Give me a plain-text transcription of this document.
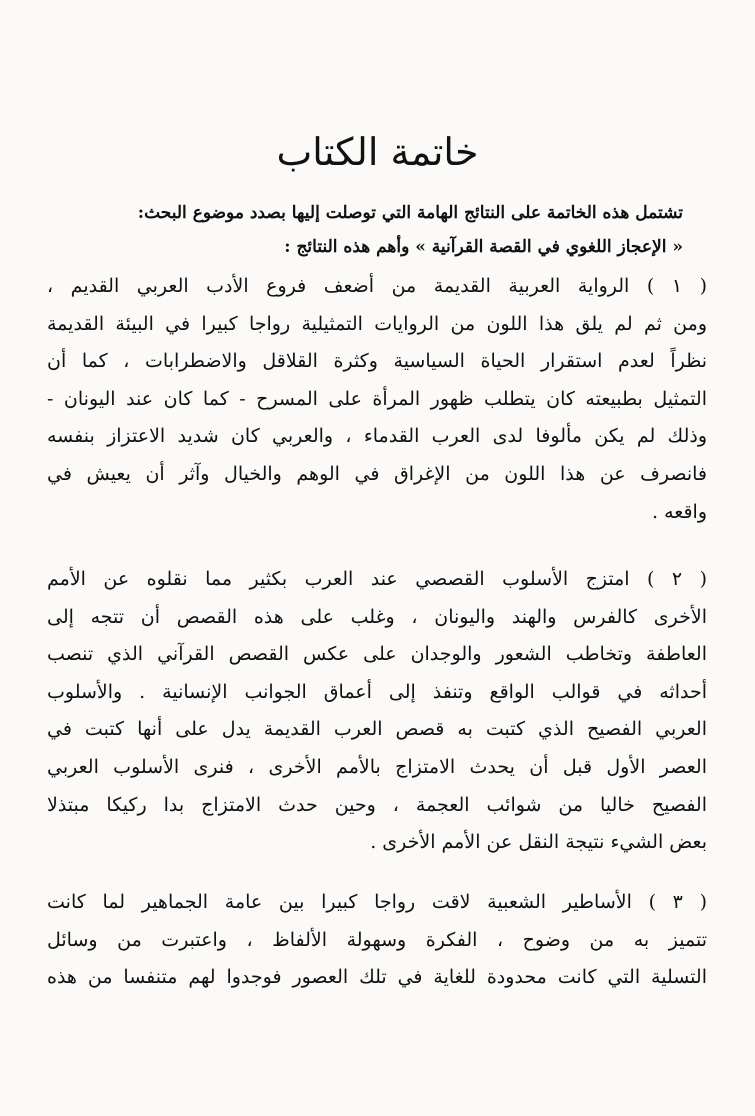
خاتمة الكتاب
تشتمل هذه الخاتمة على النتائج الهامة التي توصلت إليها بصدد موضوع البحث:
« الإعجاز اللغوي في القصة القرآنية » وأهم هذه النتائج :
( ١ ) الرواية العربية القديمة من أضعف فروع الأدب العربي القديم ،
ومن ثم لم يلق هذا اللون من الروايات التمثيلية رواجا كبيرا في البيئة القديمة
نظراً لعدم استقرار الحياة السياسية وكثرة القلاقل والاضطرابات ، كما أن
التمثيل بطبيعته كان يتطلب ظهور المرأة على المسرح - كما كان عند اليونان -
وذلك لم يكن مألوفا لدى العرب القدماء ، والعربي كان شديد الاعتزاز بنفسه
فانصرف عن هذا اللون من الإغراق في الوهم والخيال وآثر أن يعيش في
واقعه .
( ٢ ) امتزج الأسلوب القصصي عند العرب بكثير مما نقلوه عن الأمم
الأخرى كالفرس والهند واليونان ، وغلب على هذه القصص أن تتجه إلى
العاطفة وتخاطب الشعور والوجدان على عكس القصص القرآني الذي تنصب
أحداثه في قوالب الواقع وتنفذ إلى أعماق الجوانب الإنسانية . والأسلوب
العربي الفصيح الذي كتبت به قصص العرب القديمة يدل على أنها كتبت في
العصر الأول قبل أن يحدث الامتزاج بالأمم الأخرى ، فنرى الأسلوب العربي
الفصيح خاليا من شوائب العجمة ، وحين حدث الامتزاج بدا ركيكا مبتذلا
بعض الشيء نتيجة النقل عن الأمم الأخرى .
( ٣ ) الأساطير الشعبية لاقت رواجا كبيرا بين عامة الجماهير لما كانت
تتميز به من وضوح ، الفكرة وسهولة الألفاظ ، واعتبرت من وسائل
التسلية التي كانت محدودة للغاية في تلك العصور فوجدوا لهم متنفسا من هذه
